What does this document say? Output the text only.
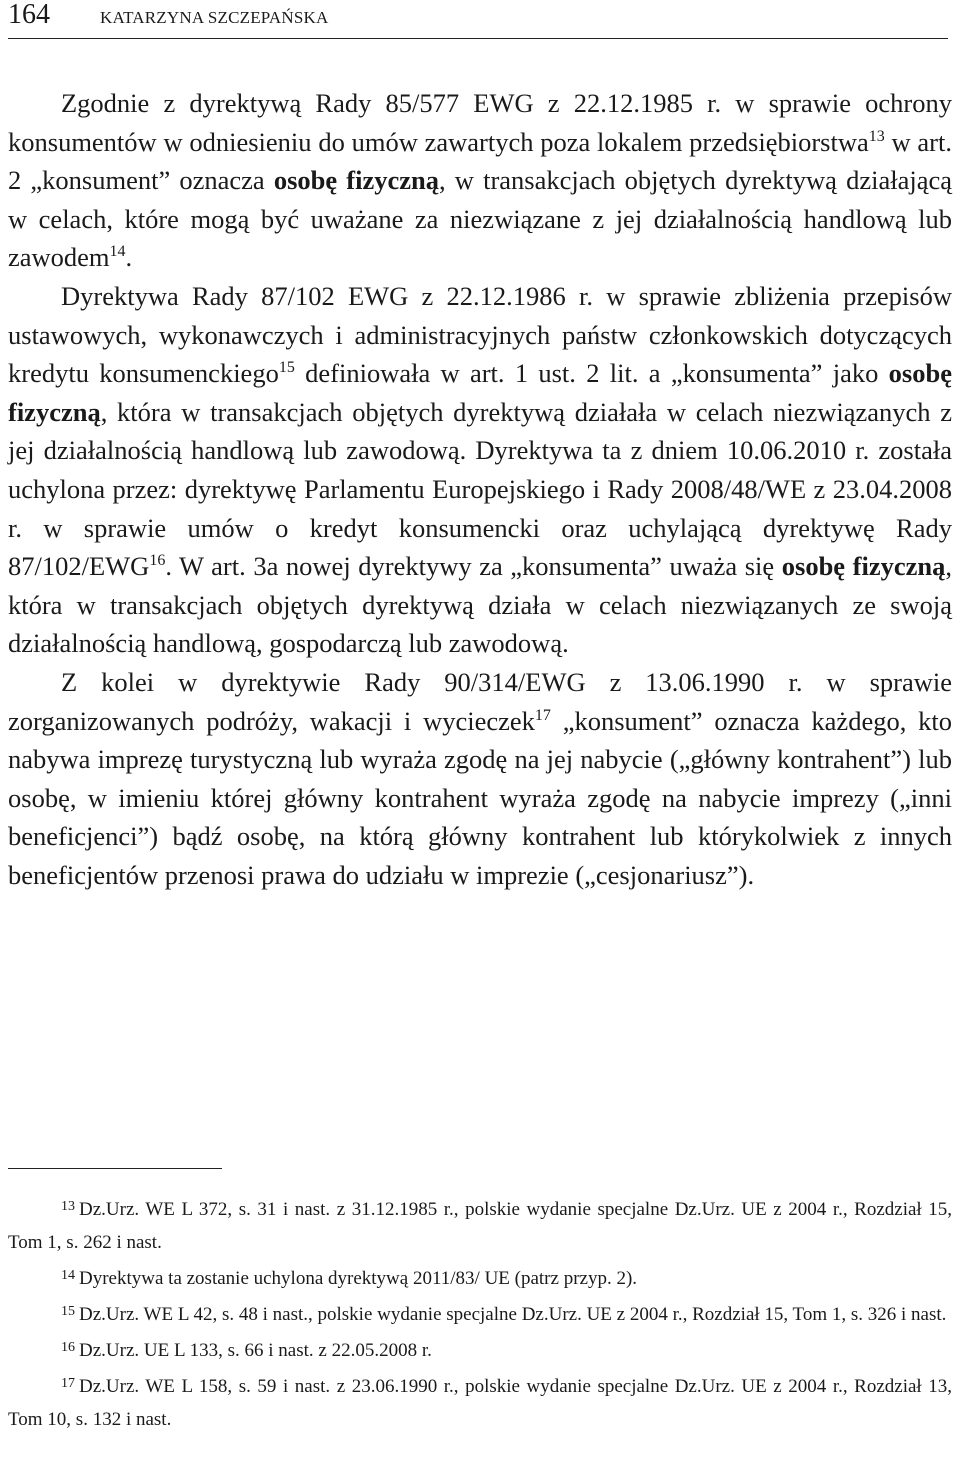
164	KATARZYNA SZCZEPAŃSKA

Zgodnie z dyrektywą Rady 85/577 EWG z 22.12.1985 r. w sprawie ochrony konsumentów w odniesieniu do umów zawartych poza lokalem przedsiębiorstwa$^{13}$ w art. 2 „konsument” oznacza osobę fizyczną, w transakcjach objętych dyrektywą działającą w celach, które mogą być uważane za niezwiązane z jej działalnością handlową lub zawodem$^{14}$.

Dyrektywa Rady 87/102 EWG z 22.12.1986 r. w sprawie zbliżenia przepisów ustawowych, wykonawczych i administracyjnych państw członkowskich dotyczących kredytu konsumenckiego$^{15}$ definiowała w art. 1 ust. 2 lit. a „konsumenta” jako osobę fizyczną, która w transakcjach objętych dyrektywą działała w celach niezwiązanych z jej działalnością handlową lub zawodową. Dyrektywa ta z dniem 10.06.2010 r. została uchylona przez: dyrektywę Parlamentu Europejskiego i Rady 2008/48/WE z 23.04.2008 r. w sprawie umów o kredyt konsumencki oraz uchylającą dyrektywę Rady 87/102/EWG$^{16}$. W art. 3a nowej dyrektywy za „konsumenta” uważa się osobę fizyczną, która w transakcjach objętych dyrektywą działa w celach niezwiązanych ze swoją działalnością handlową, gospodarczą lub zawodową.

Z kolei w dyrektywie Rady 90/314/EWG z 13.06.1990 r. w sprawie zorganizowanych podróży, wakacji i wycieczek$^{17}$ „konsument” oznacza każdego, kto nabywa imprezę turystyczną lub wyraża zgodę na jej nabycie („główny kontrahent”) lub osobę, w imieniu której główny kontrahent wyraża zgodę na nabycie imprezy („inni beneficjenci”) bądź osobę, na którą główny kontrahent lub którykolwiek z innych beneficjentów przenosi prawa do udziału w imprezie („cesjonariusz”).

$^{13}$ Dz.Urz. WE L 372, s. 31 i nast. z 31.12.1985 r., polskie wydanie specjalne Dz.Urz. UE z 2004 r., Rozdział 15, Tom 1, s. 262 i nast.

$^{14}$ Dyrektywa ta zostanie uchylona dyrektywą 2011/83/ UE (patrz przyp. 2).

$^{15}$ Dz.Urz. WE L 42, s. 48 i nast., polskie wydanie specjalne Dz.Urz. UE z 2004 r., Rozdział 15, Tom 1, s. 326 i nast.

$^{16}$ Dz.Urz. UE L 133, s. 66 i nast. z 22.05.2008 r.

$^{17}$ Dz.Urz. WE L 158, s. 59 i nast. z 23.06.1990 r., polskie wydanie specjalne Dz.Urz. UE z 2004 r., Rozdział 13, Tom 10, s. 132 i nast.
